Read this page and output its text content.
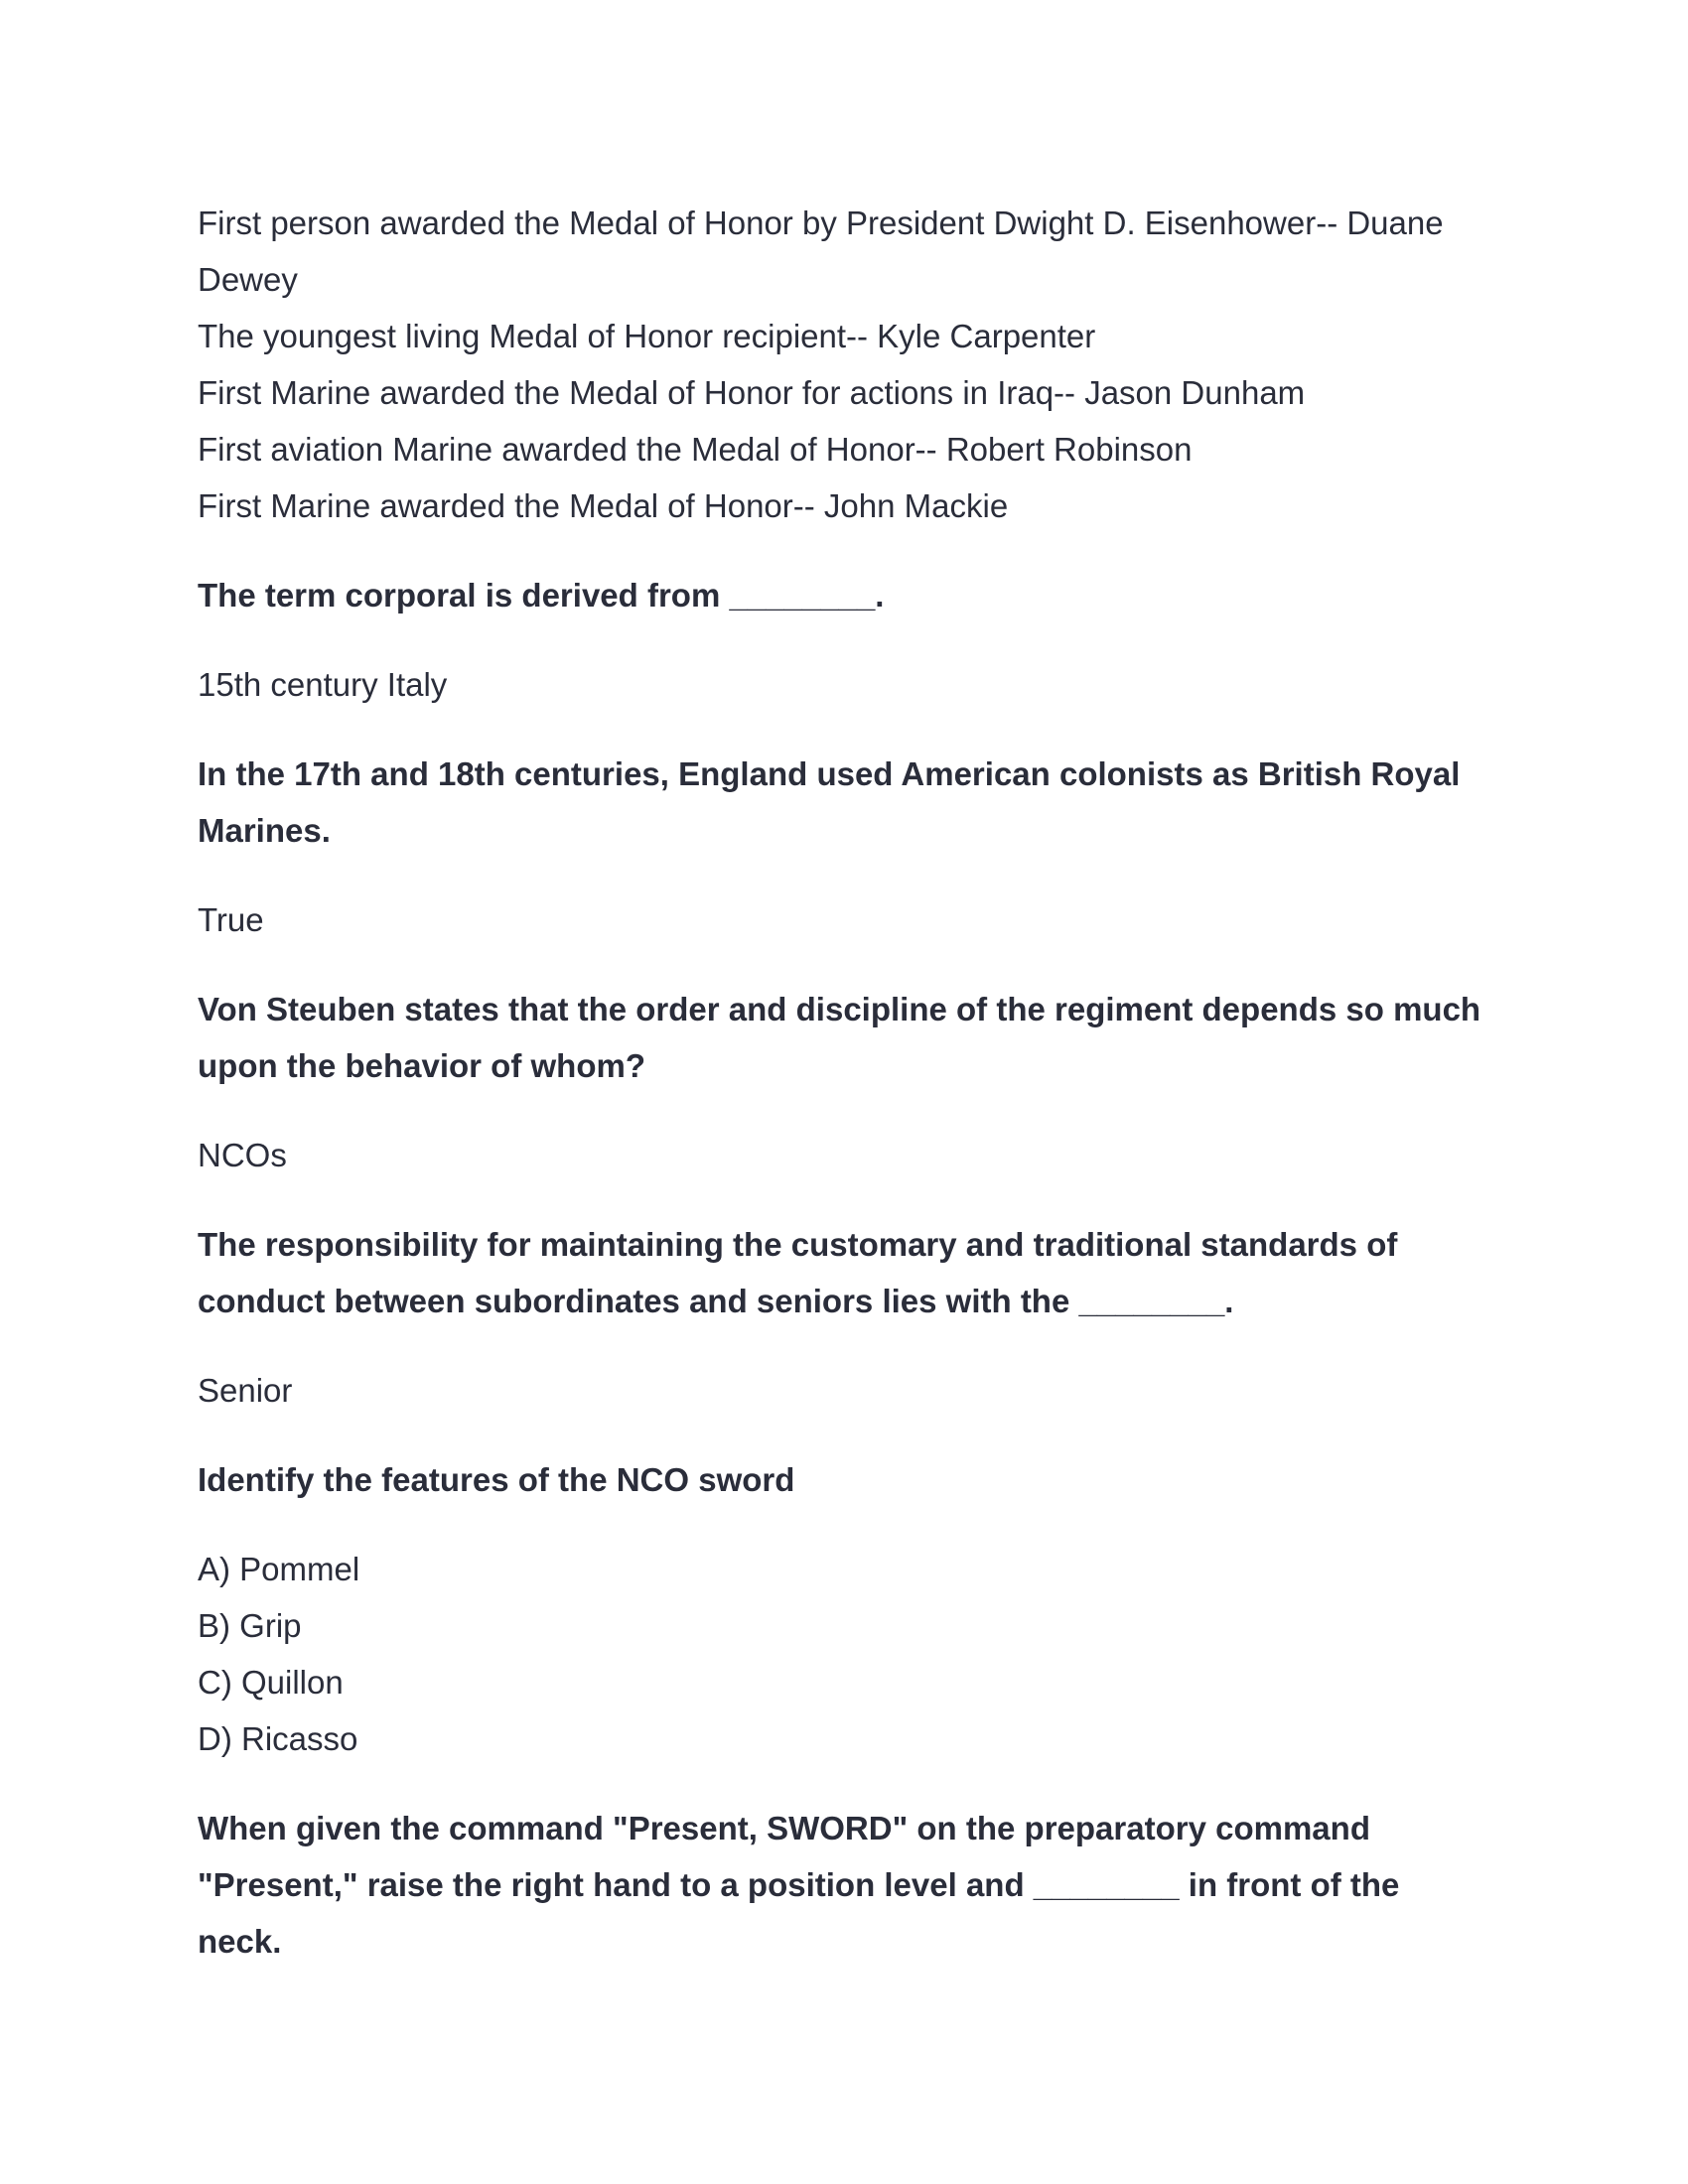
First person awarded the Medal of Honor by President Dwight D. Eisenhower-- Duane Dewey
The youngest living Medal of Honor recipient-- Kyle Carpenter
First Marine awarded the Medal of Honor for actions in Iraq-- Jason Dunham
First aviation Marine awarded the Medal of Honor-- Robert Robinson
First Marine awarded the Medal of Honor-- John Mackie
The term corporal is derived from ________.
15th century Italy
In the 17th and 18th centuries, England used American colonists as British Royal Marines.
True
Von Steuben states that the order and discipline of the regiment depends so much upon the behavior of whom?
NCOs
The responsibility for maintaining the customary and traditional standards of conduct between subordinates and seniors lies with the ________.
Senior
Identify the features of the NCO sword
A) Pommel
B) Grip
C) Quillon
D) Ricasso
When given the command "Present, SWORD" on the preparatory command "Present," raise the right hand to a position level and ________ in front of the neck.
